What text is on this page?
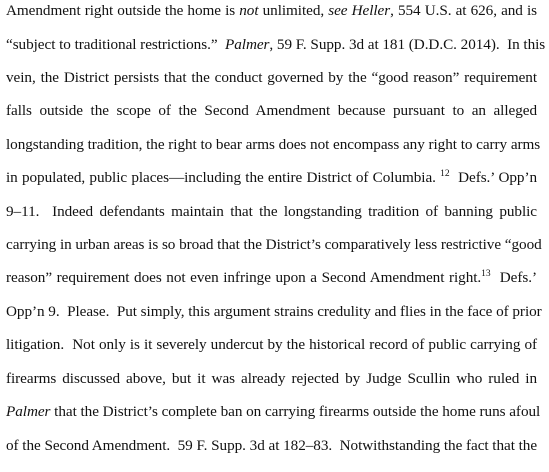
Amendment right outside the home is not unlimited, see Heller, 554 U.S. at 626, and is
“subject to traditional restrictions.”  Palmer, 59 F. Supp. 3d at 181 (D.D.C. 2014).  In this
vein, the District persists that the conduct governed by the “good reason” requirement
falls outside the scope of the Second Amendment because pursuant to an alleged
longstanding tradition, the right to bear arms does not encompass any right to carry arms
in populated, public places—including the entire District of Columbia. $^{12}$  Defs.’ Opp’n
9–11.  Indeed defendants maintain that the longstanding tradition of banning public
carrying in urban areas is so broad that the District’s comparatively less restrictive “good
reason” requirement does not even infringe upon a Second Amendment right.$^{13}$  Defs.’
Opp’n 9.  Please.  Put simply, this argument strains credulity and flies in the face of prior
litigation.  Not only is it severely undercut by the historical record of public carrying of
firearms discussed above, but it was already rejected by Judge Scullin who ruled in
Palmer that the District’s complete ban on carrying firearms outside the home runs afoul
of the Second Amendment.  59 F. Supp. 3d at 182–83.  Notwithstanding the fact that the
